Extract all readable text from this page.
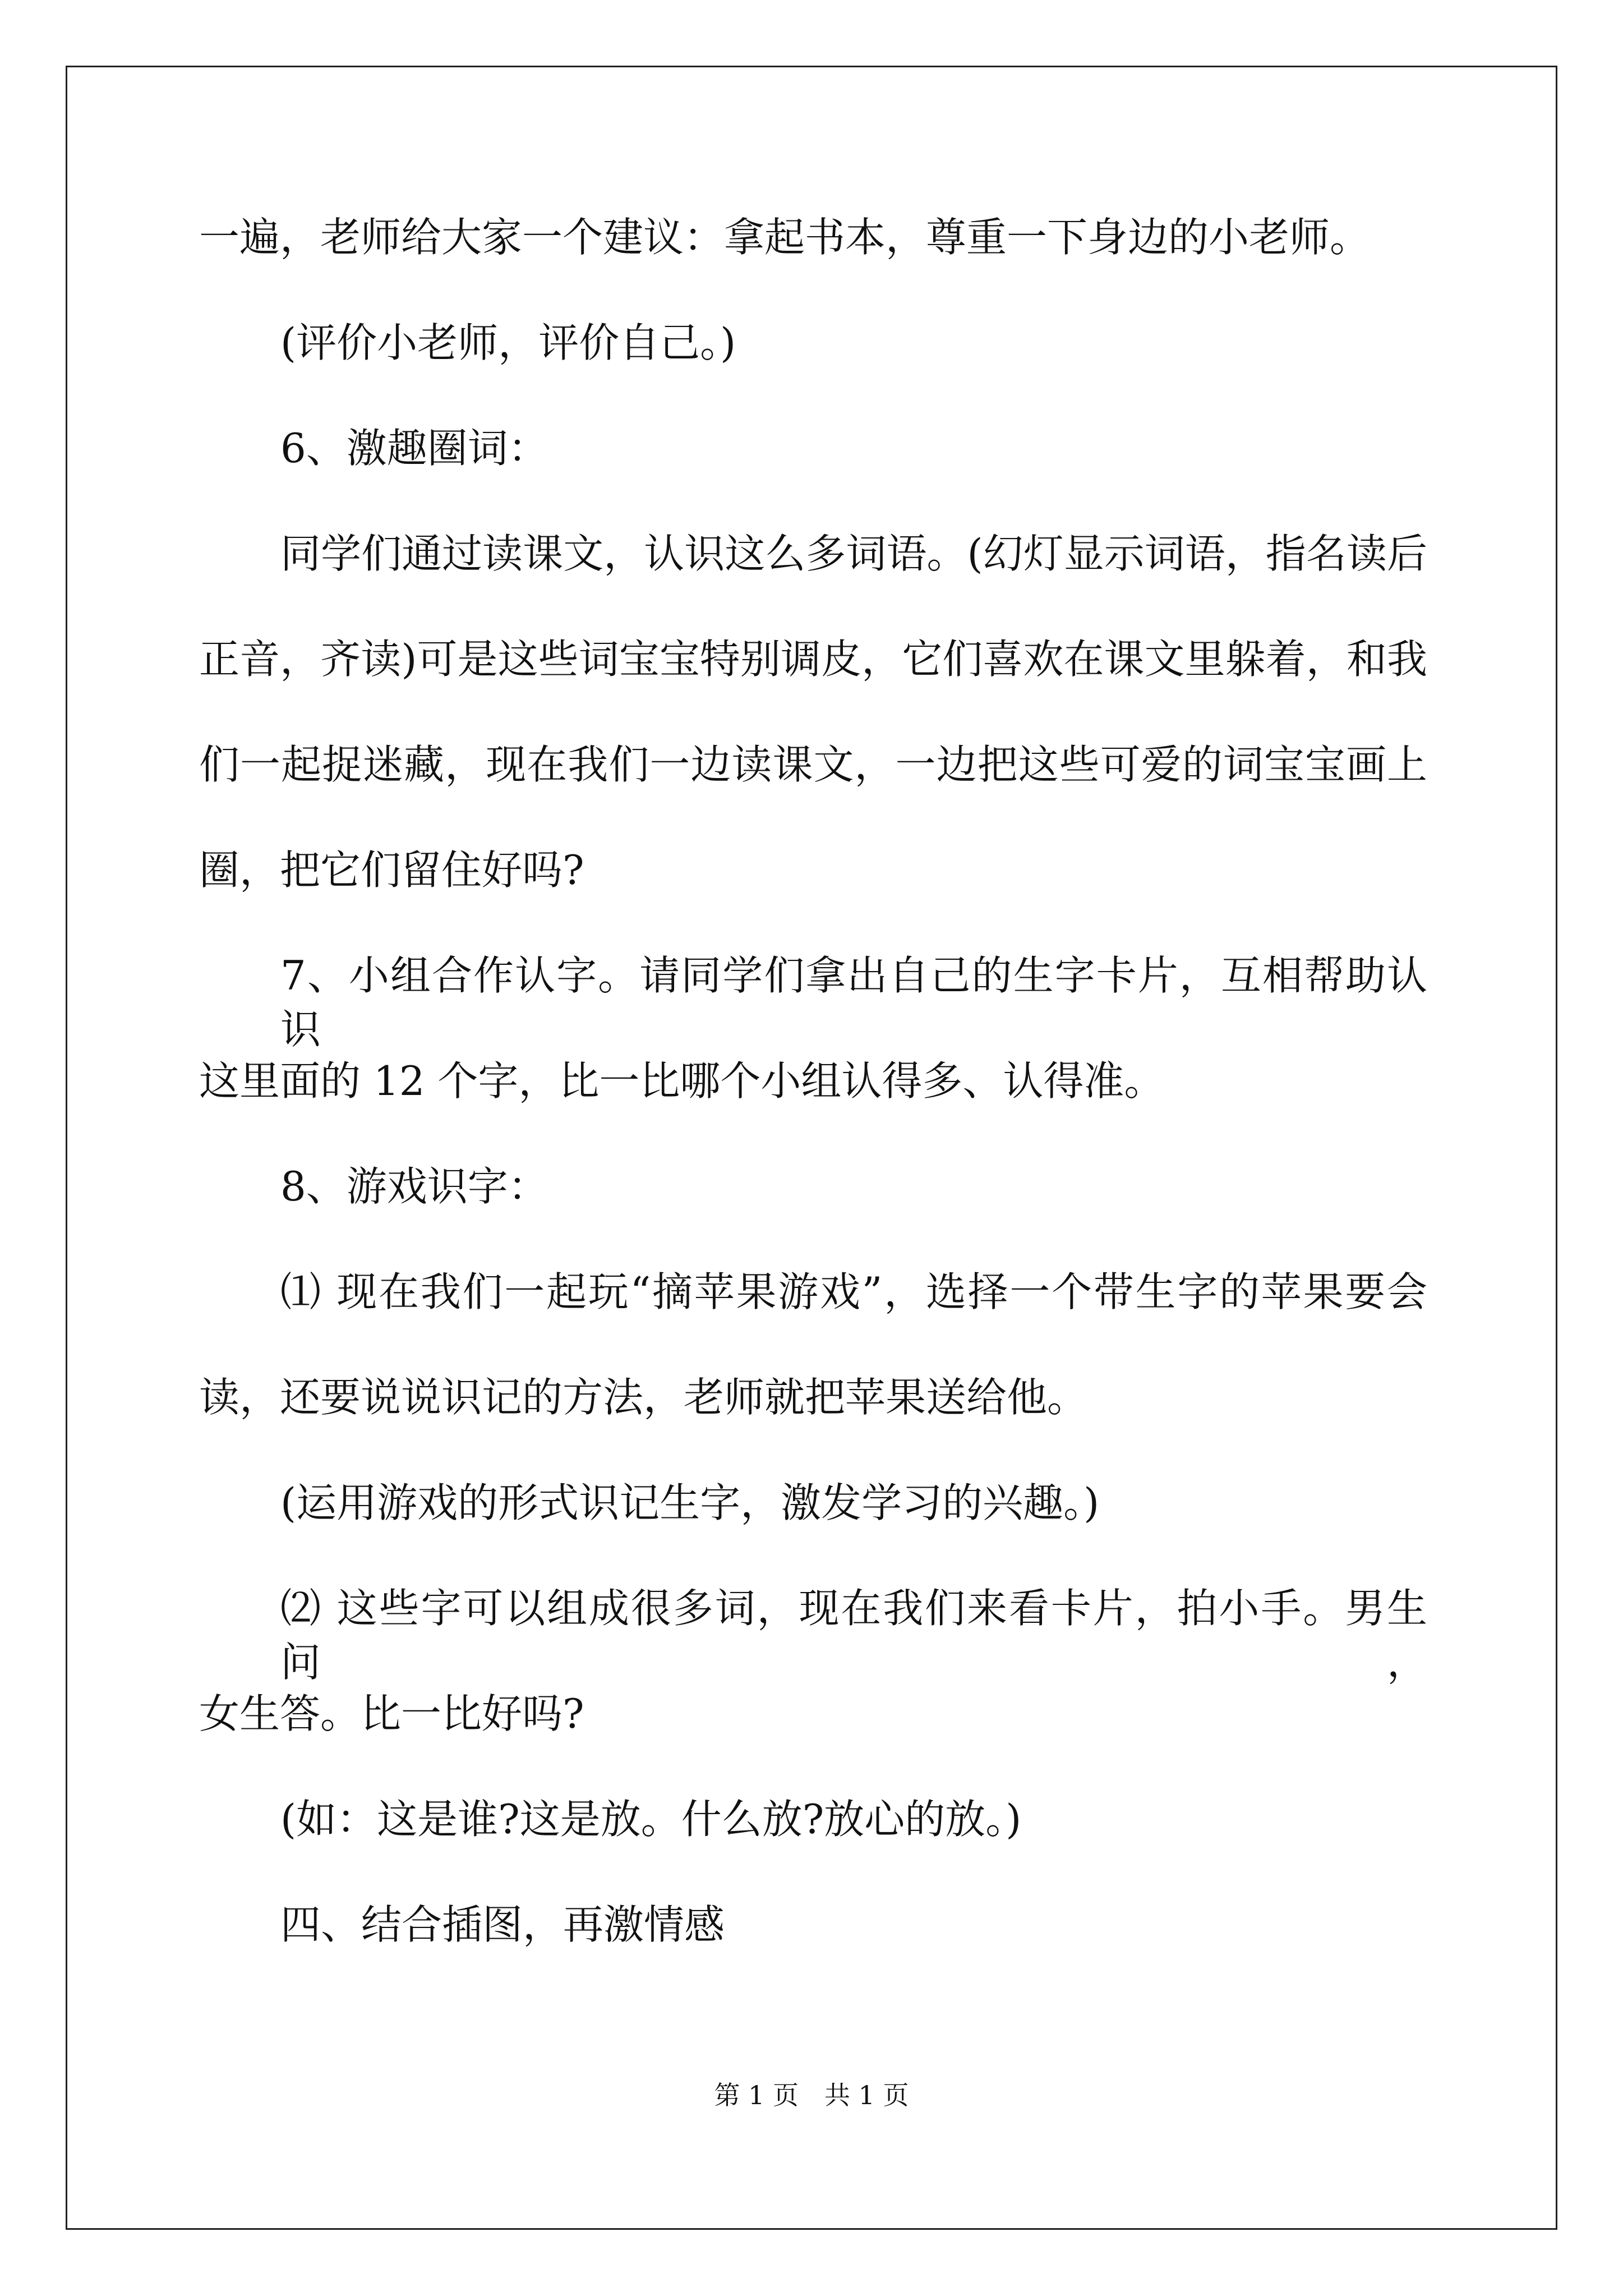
一遍，老师给大家一个建议：拿起书本，尊重一下身边的小老师。
(评价小老师，评价自己。)
6、激趣圈词：
同学们通过读课文，认识这么多词语。(幻灯显示词语，指名读后
正音，齐读)可是这些词宝宝特别调皮，它们喜欢在课文里躲着，和我
们一起捉迷藏，现在我们一边读课文，一边把这些可爱的词宝宝画上
圈，把它们留住好吗?
7、小组合作认字。请同学们拿出自己的生字卡片，互相帮助认识
这里面的 12 个字，比一比哪个小组认得多、认得准。
8、游戏识字：
⑴ 现在我们一起玩“摘苹果游戏”，选择一个带生字的苹果要会
读，还要说说识记的方法，老师就把苹果送给他。
(运用游戏的形式识记生字，激发学习的兴趣。)
⑵ 这些字可以组成很多词，现在我们来看卡片，拍小手。男生问，
女生答。比一比好吗?
(如：这是谁?这是放。什么放?放心的放。)
四、结合插图，再激情感
第 1 页　共 1 页
